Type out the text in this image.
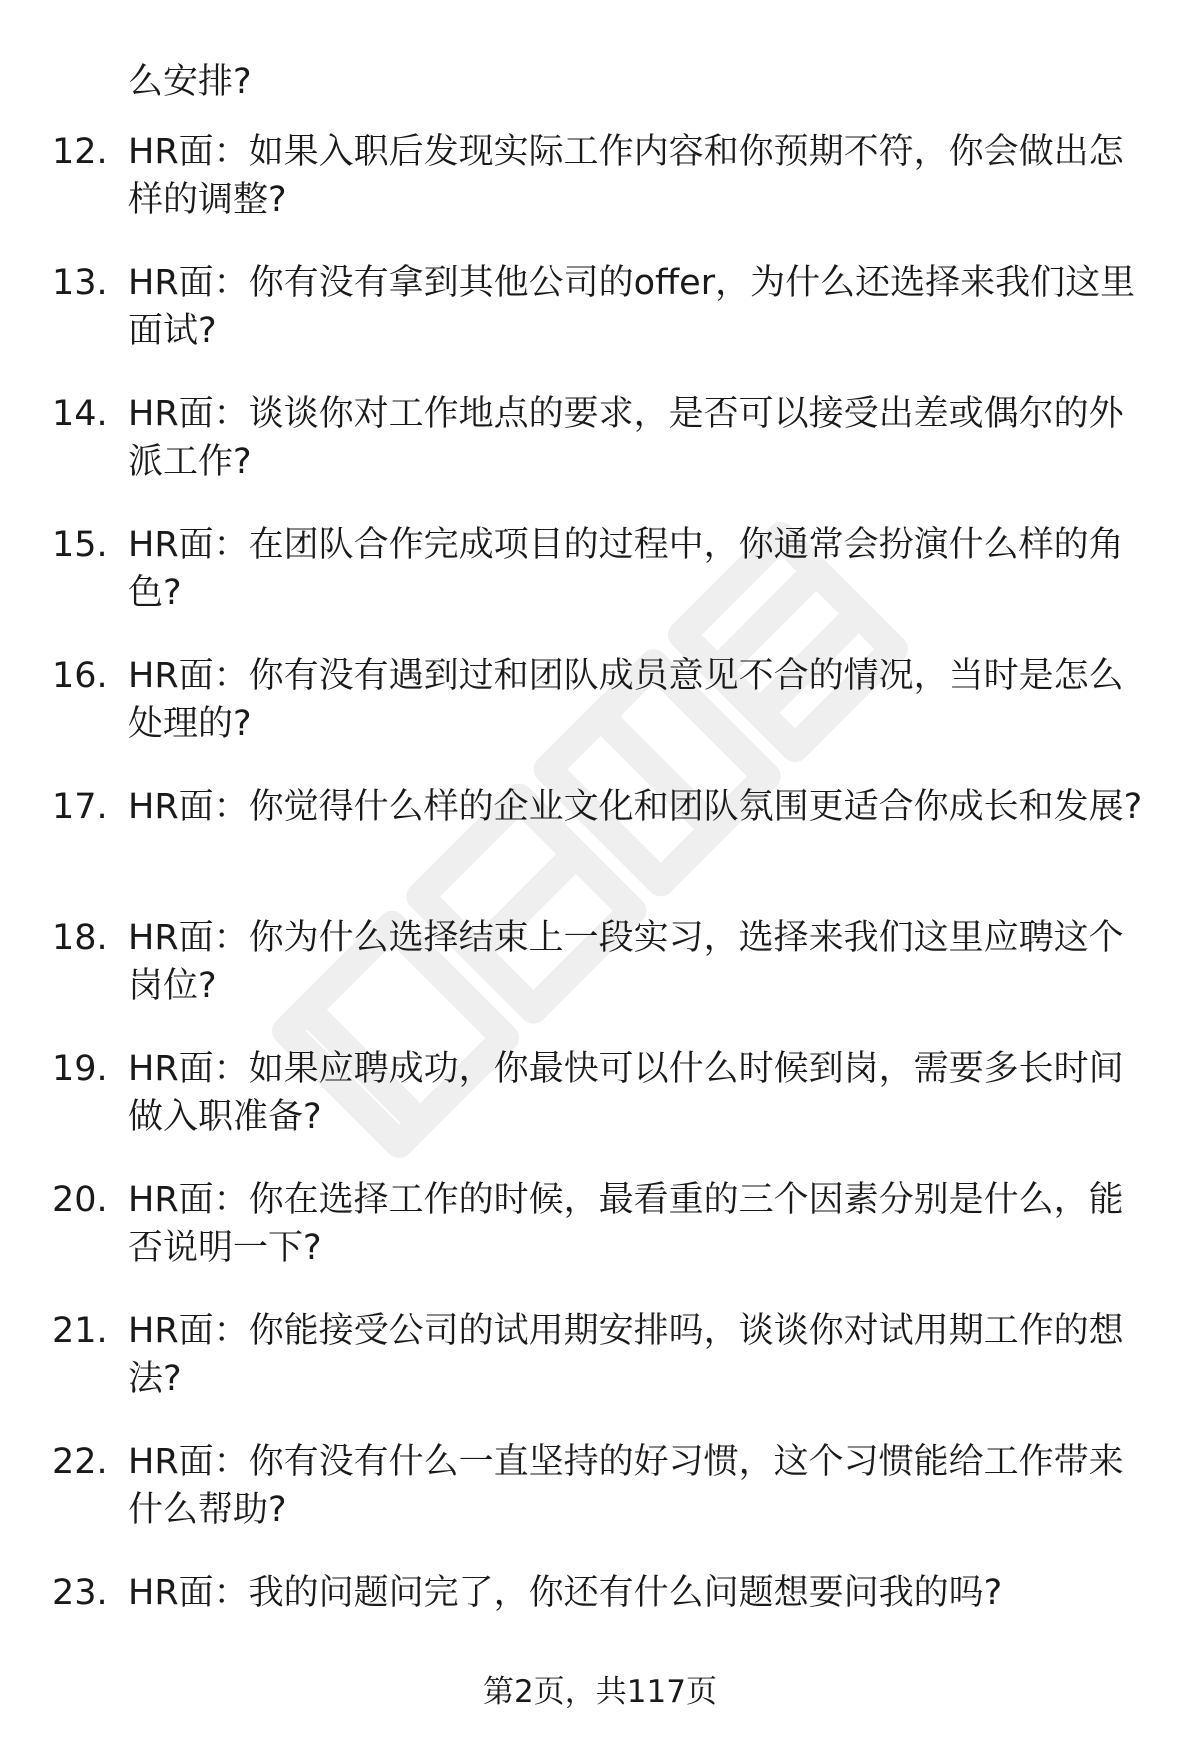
么安排?
12. HR面：如果入职后发现实际工作内容和你预期不符，你会做出怎样的调整?
13. HR面：你有没有拿到其他公司的offer，为什么还选择来我们这里面试?
14. HR面：谈谈你对工作地点的要求，是否可以接受出差或偶尔的外派工作?
15. HR面：在团队合作完成项目的过程中，你通常会扮演什么样的角色?
16. HR面：你有没有遇到过和团队成员意见不合的情况，当时是怎么处理的?
17. HR面：你觉得什么样的企业文化和团队氛围更适合你成长和发展?
18. HR面：你为什么选择结束上一段实习，选择来我们这里应聘这个岗位?
19. HR面：如果应聘成功，你最快可以什么时候到岗，需要多长时间做入职准备?
20. HR面：你在选择工作的时候，最看重的三个因素分别是什么，能否说明一下?
21. HR面：你能接受公司的试用期安排吗，谈谈你对试用期工作的想法?
22. HR面：你有没有什么一直坚持的好习惯，这个习惯能给工作带来什么帮助?
23. HR面：我的问题问完了，你还有什么问题想要问我的吗?
第2页，共117页
